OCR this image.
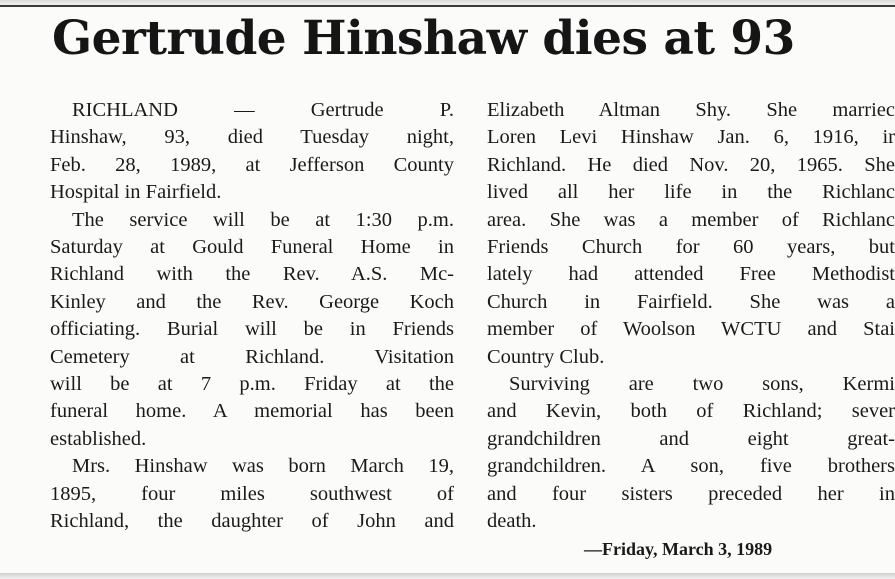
Gertrude Hinshaw dies at 93
RICHLAND — Gertrude P.
Hinshaw, 93, died Tuesday night,
Feb. 28, 1989, at Jefferson County
Hospital in Fairfield.
The service will be at 1:30 p.m.
Saturday at Gould Funeral Home in
Richland with the Rev. A.S. Mc-
Kinley and the Rev. George Koch
officiating. Burial will be in Friends
Cemetery at Richland. Visitation
will be at 7 p.m. Friday at the
funeral home. A memorial has been
established.
Mrs. Hinshaw was born March 19,
1895, four miles southwest of
Richland, the daughter of John and
Elizabeth Altman Shy. She marriec
Loren Levi Hinshaw Jan. 6, 1916, ir
Richland. He died Nov. 20, 1965. She
lived all her life in the Richlanc
area. She was a member of Richlanc
Friends Church for 60 years, but
lately had attended Free Methodist
Church in Fairfield. She was a
member of Woolson WCTU and Stai
Country Club.
Surviving are two sons, Kermi
and Kevin, both of Richland; sever
grandchildren and eight great-
grandchildren. A son, five brothers
and four sisters preceded her in
death.
—Friday, March 3, 1989
